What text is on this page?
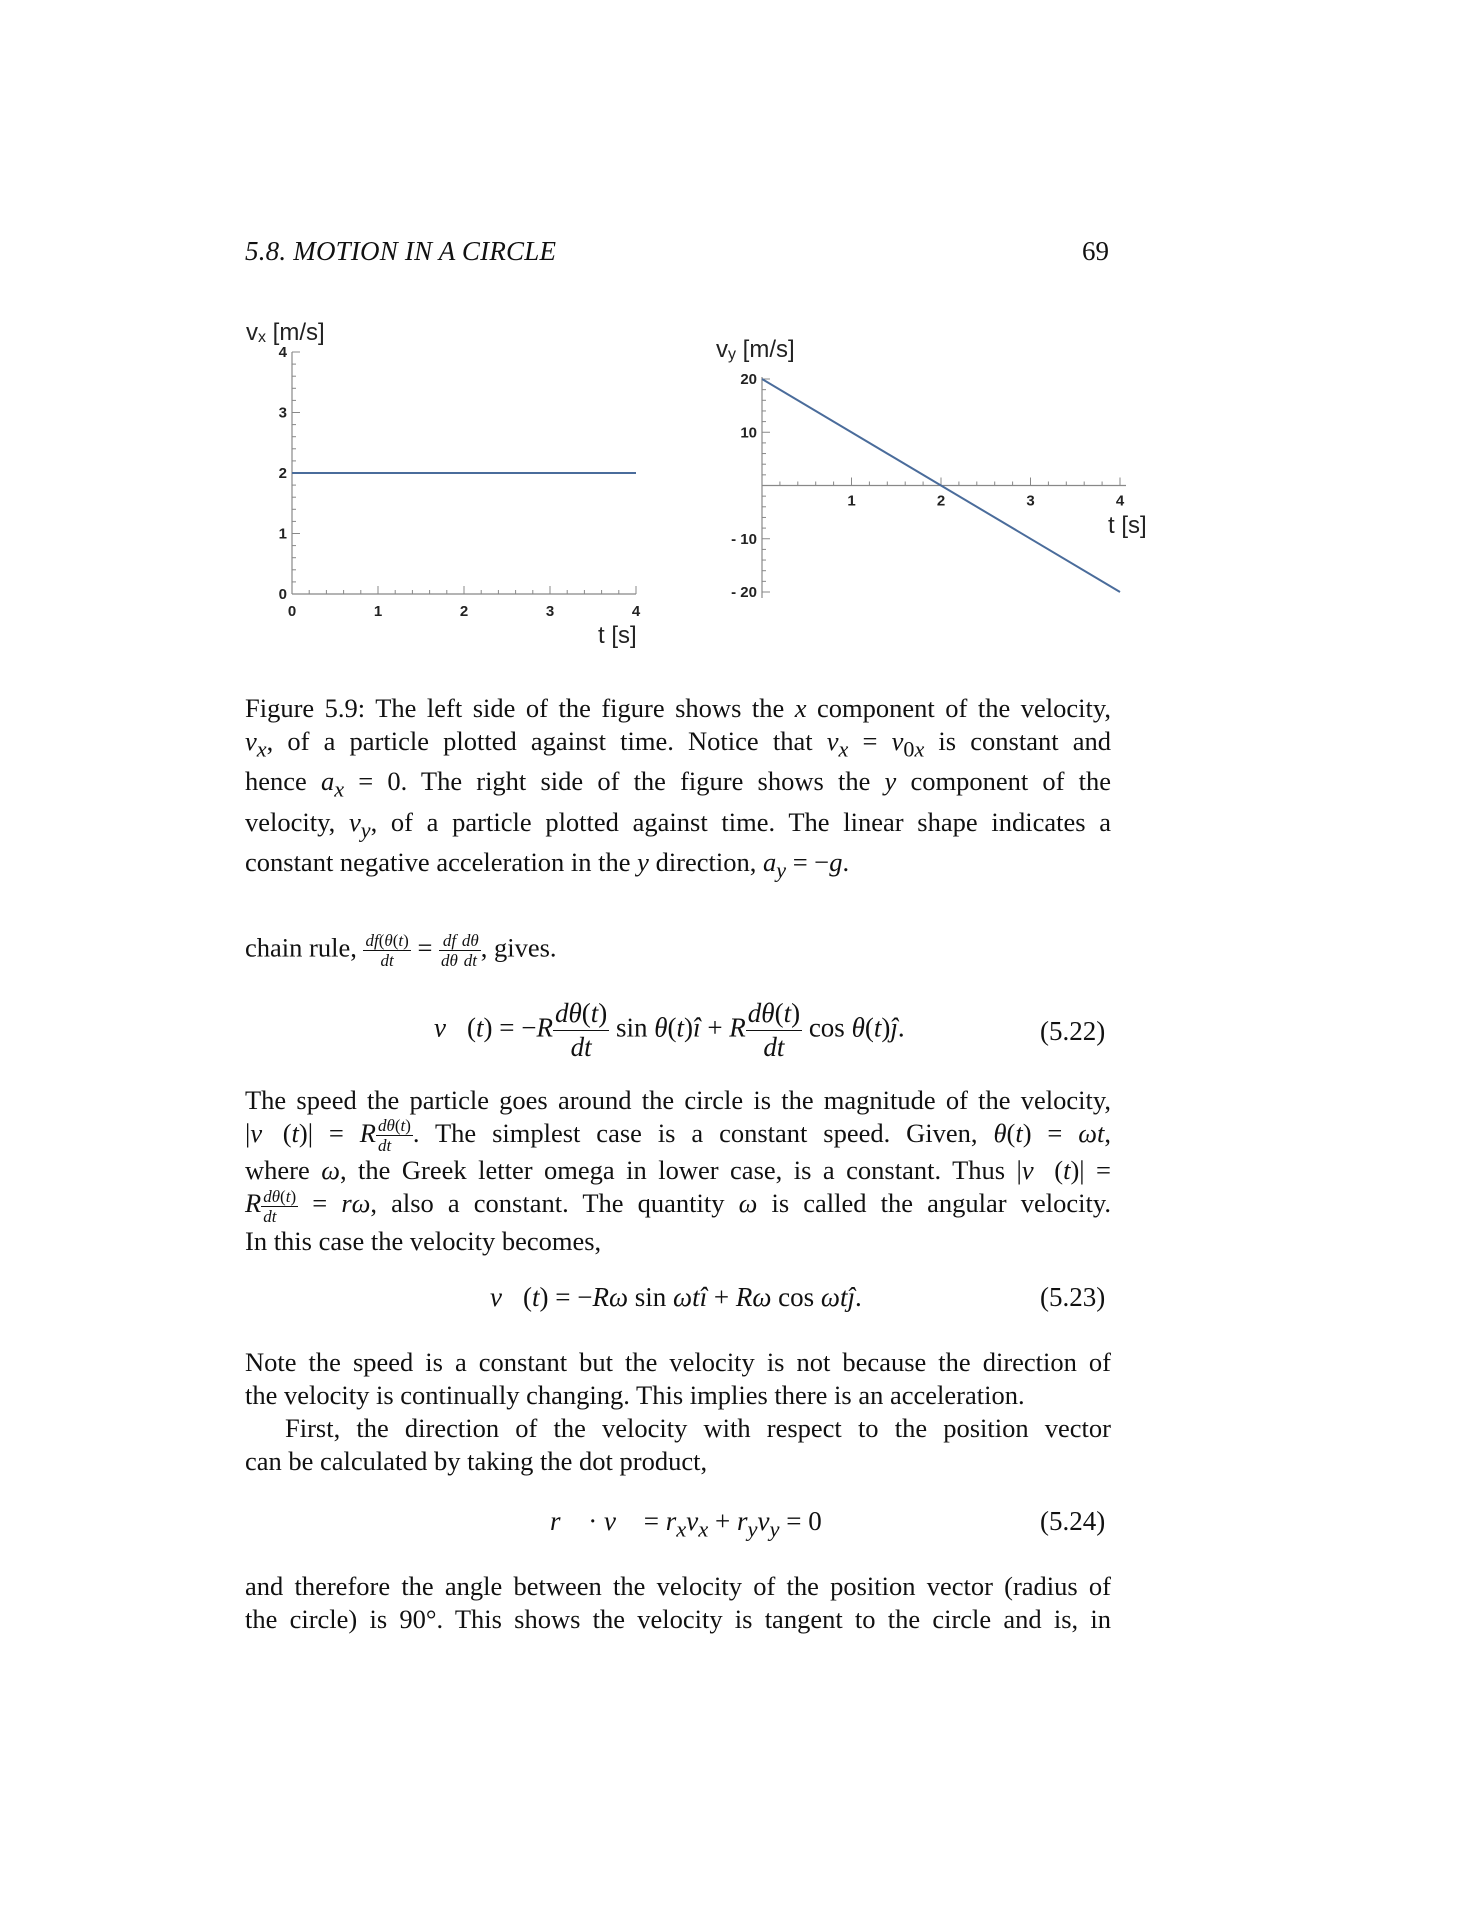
5.8. MOTION IN A CIRCLE	69
0	1	2	3	4
0
1
2
3
4
vx [m/s]
t [s]
1	2	3	4
20
10
- 10
- 20
vy [m/s]
t [s]
Figure 5.9: The left side of the figure shows the x component of the velocity,
$v_x$, of a particle plotted against time. Notice that $v_x = v_{0x}$ is constant and
hence $a_x = 0$. The right side of the figure shows the y component of the
velocity, $v_y$, of a particle plotted against time. The linear shape indicates a
constant negative acceleration in the y direction, $a_y = -g$.
chain rule, $\frac{df(\theta(t)}{dt} = \frac{df}{d\theta} \frac{d\theta}{dt}$ , gives.
v⃗(t) = $-R \frac{d\theta(t)}{dt}$ sin θ(t)î + R $\frac{d\theta(t)}{dt}$ cos θ(t)ĵ.	(5.22)
The speed the particle goes around the circle is the magnitude of the velocity,
|v⃗(t)| = R $\frac{d\theta(t)}{dt}$ . The simplest case is a constant speed. Given, θ(t) = ωt,
where ω, the Greek letter omega in lower case, is a constant. Thus |v⃗(t)| =
R $\frac{d\theta(t)}{dt} = r\omega$, also a constant. The quantity ω is called the angular velocity.
In this case the velocity becomes,
v⃗(t) = −Rω sin ωtî + Rω cos ωtĵ.	(5.23)
Note the speed is a constant but the velocity is not because the direction of
the velocity is continually changing. This implies there is an acceleration.
First, the direction of the velocity with respect to the position vector
can be calculated by taking the dot product,
r⃗ · v⃗ = $r_xv_x + r_yv_y = 0$	(5.24)
and therefore the angle between the velocity of the position vector (radius of
the circle) is 90°. This shows the velocity is tangent to the circle and is, in
